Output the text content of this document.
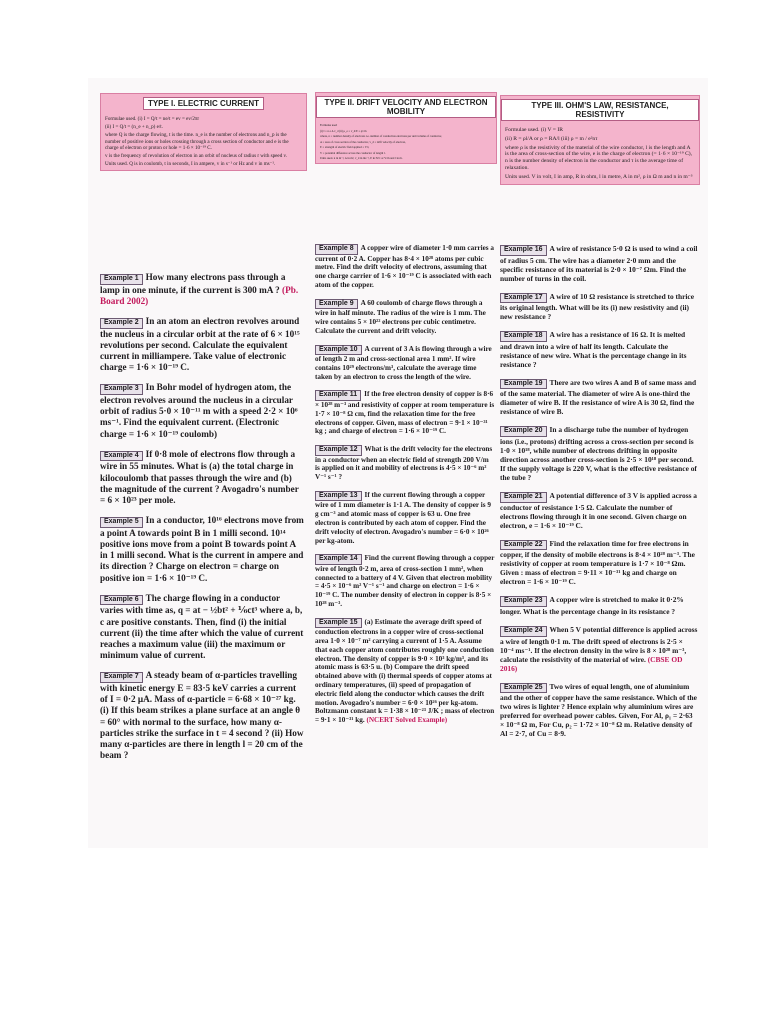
TYPE I. ELECTRIC CURRENT

Formulae used. (i) I = Q/t = ne/t = ev = ev/2πr

(ii) I = Q/t = (n_e + n_p) e/t.

where Q is the charge flowing, t is the time. n_e is the number of electrons and n_p is the number of positive ions or holes crossing through a cross section of conductor and e is the charge of electron or proton or hole = 1·6 × 10⁻¹⁹ C.

v is the frequency of revolution of electron in an orbit of nucleus of radius r with speed v.

Units used. Q is in coulomb, t in seconds, I in ampere, v in s⁻¹ or Hz and v in ms⁻¹.

TYPE II. DRIFT VELOCITY AND ELECTRON MOBILITY

Formulae used

(i) I = n e A v_d (ii) μ_e = v_d/E = qτ/m

where, n = number density of electrons i.e. number of conduction electrons per unit volume of conductor,

A = area of cross section of the conductor, v_d = drift velocity of electron,

E = strength of electric field applied = V/l,

V = potential difference across the conductor of length l.

Units used. n in m⁻³, A in m², v_d in ms⁻¹, E in N/C or V/m and l in m.

TYPE III. OHM'S LAW, RESISTANCE, RESISTIVITY

Formulae used. (i) V = IR

(ii) R = ρl/A or ρ = RA/l (iii) ρ = m / e²nτ

where ρ is the resistivity of the material of the wire conductor, l is the length and A is the area of cross-section of the wire, e is the charge of electron (= 1·6 × 10⁻¹⁹ C), n is the number density of electron in the conductor and τ is the average time of relaxation.

Units used. V in volt, I in amp, R in ohm, l in metre, A in m², ρ in Ω m and n in m⁻³

Example 1 How many electrons pass through a lamp in one minute, if the current is 300 mA ? (Pb. Board 2002)

Example 2 In an atom an electron revolves around the nucleus in a circular orbit at the rate of 6 × 10¹⁵ revolutions per second. Calculate the equivalent current in milliampere. Take value of electronic charge = 1·6 × 10⁻¹⁹ C.

Example 3 In Bohr model of hydrogen atom, the electron revolves around the nucleus in a circular orbit of radius 5·0 × 10⁻¹¹ m with a speed 2·2 × 10⁶ ms⁻¹. Find the equivalent current. (Electronic charge = 1·6 × 10⁻¹⁹ coulomb)

Example 4 If 0·8 mole of electrons flow through a wire in 55 minutes. What is (a) the total charge in kilocoulomb that passes through the wire and (b) the magnitude of the current ? Avogadro's number = 6 × 10²³ per mole.

Example 5 In a conductor, 10¹⁶ electrons move from a point A towards point B in 1 milli second. 10¹⁴ positive ions move from a point B towards point A in 1 milli second. What is the current in ampere and its direction ? Charge on electron = charge on positive ion = 1·6 × 10⁻¹⁹ C.

Example 6 The charge flowing in a conductor varies with time as, q = at − ½bt² + ⅙ct³ where a, b, c are positive constants. Then, find (i) the initial current (ii) the time after which the value of current reaches a maximum value (iii) the maximum or minimum value of current.

Example 7 A steady beam of α-particles travelling with kinetic energy E = 83·5 keV carries a current of I = 0·2 μA. Mass of α-particle = 6·68 × 10⁻²⁷ kg. (i) If this beam strikes a plane surface at an angle θ = 60° with normal to the surface, how many α-particles strike the surface in t = 4 second ? (ii) How many α-particles are there in length l = 20 cm of the beam ?

Example 8 A copper wire of diameter 1·0 mm carries a current of 0·2 A. Copper has 8·4 × 10²⁸ atoms per cubic metre. Find the drift velocity of electrons, assuming that one charge carrier of 1·6 × 10⁻¹⁹ C is associated with each atom of the copper.

Example 9 A 60 coulomb of charge flows through a wire in half minute. The radius of the wire is 1 mm. The wire contains 5 × 10²² electrons per cubic centimetre. Calculate the current and drift velocity.

Example 10 A current of 3 A is flowing through a wire of length 2 m and cross-sectional area 1 mm². If wire contains 10²⁹ electrons/m³, calculate the average time taken by an electron to cross the length of the wire.

Example 11 If the free electron density of copper is 8·6 × 10²⁸ m⁻³ and resistivity of copper at room temperature is 1·7 × 10⁻⁸ Ω cm, find the relaxation time for the free electrons of copper. Given, mass of electron = 9·1 × 10⁻³¹ kg ; and charge of electron = 1·6 × 10⁻¹⁹ C.

Example 12 What is the drift velocity for the electrons in a conductor when an electric field of strength 200 V/m is applied on it and mobility of electrons is 4·5 × 10⁻⁶ m² V⁻¹ s⁻¹ ?

Example 13 If the current flowing through a copper wire of 1 mm diameter is 1·1 A. The density of copper is 9 g cm⁻³ and atomic mass of copper is 63 u. One free electron is contributed by each atom of copper. Find the drift velocity of electron. Avogadro's number = 6·0 × 10²⁶ per kg-atom.

Example 14 Find the current flowing through a copper wire of length 0·2 m, area of cross-section 1 mm², when connected to a battery of 4 V. Given that electron mobility = 4·5 × 10⁻⁶ m² V⁻¹ s⁻¹ and charge on electron = 1·6 × 10⁻¹⁹ C. The number density of electron in copper is 8·5 × 10²⁸ m⁻³.

Example 15 (a) Estimate the average drift speed of conduction electrons in a copper wire of cross-sectional area 1·0 × 10⁻⁷ m² carrying a current of 1·5 A. Assume that each copper atom contributes roughly one conduction electron. The density of copper is 9·0 × 10³ kg/m³, and its atomic mass is 63·5 u. (b) Compare the drift speed obtained above with (i) thermal speeds of copper atoms at ordinary temperatures, (ii) speed of propagation of electric field along the conductor which causes the drift motion. Avogadro's number = 6·0 × 10²⁶ per kg-atom. Boltzmann constant k = 1·38 × 10⁻²³ J/K ; mass of electron = 9·1 × 10⁻³¹ kg. (NCERT Solved Example)

Example 16 A wire of resistance 5·0 Ω is used to wind a coil of radius 5 cm. The wire has a diameter 2·0 mm and the specific resistance of its material is 2·0 × 10⁻⁷ Ωm. Find the number of turns in the coil.

Example 17 A wire of 10 Ω resistance is stretched to thrice its original length. What will be its (i) new resistivity and (ii) new resistance ?

Example 18 A wire has a resistance of 16 Ω. It is melted and drawn into a wire of half its length. Calculate the resistance of new wire. What is the percentage change in its resistance ?

Example 19 There are two wires A and B of same mass and of the same material. The diameter of wire A is one-third the diameter of wire B. If the resistance of wire A is 30 Ω, find the resistance of wire B.

Example 20 In a discharge tube the number of hydrogen ions (i.e., protons) drifting across a cross-section per second is 1·0 × 10¹⁸, while number of electrons drifting in opposite direction across another cross-section is 2·5 × 10¹⁸ per second. If the supply voltage is 220 V, what is the effective resistance of the tube ?

Example 21 A potential difference of 3 V is applied across a conductor of resistance 1·5 Ω. Calculate the number of electrons flowing through it in one second. Given charge on electron, e = 1·6 × 10⁻¹⁹ C.

Example 22 Find the relaxation time for free electrons in copper, if the density of mobile electrons is 8·4 × 10²⁸ m⁻³. The resistivity of copper at room temperature is 1·7 × 10⁻⁸ Ωm. Given : mass of electron = 9·11 × 10⁻³¹ kg and charge on electron = 1·6 × 10⁻¹⁹ C.

Example 23 A copper wire is stretched to make it 0·2% longer. What is the percentage change in its resistance ?

Example 24 When 5 V potential difference is applied across a wire of length 0·1 m. The drift speed of electrons is 2·5 × 10⁻⁴ ms⁻¹. If the electron density in the wire is 8 × 10²⁸ m⁻³, calculate the resistivity of the material of wire. (CBSE OD 2016)

Example 25 Two wires of equal length, one of aluminium and the other of copper have the same resistance. Which of the two wires is lighter ? Hence explain why aluminium wires are preferred for overhead power cables. Given, For Al, ρ₁ = 2·63 × 10⁻⁸ Ω m, For Cu, ρ₂ = 1·72 × 10⁻⁸ Ω m. Relative density of Al = 2·7, of Cu = 8·9.
